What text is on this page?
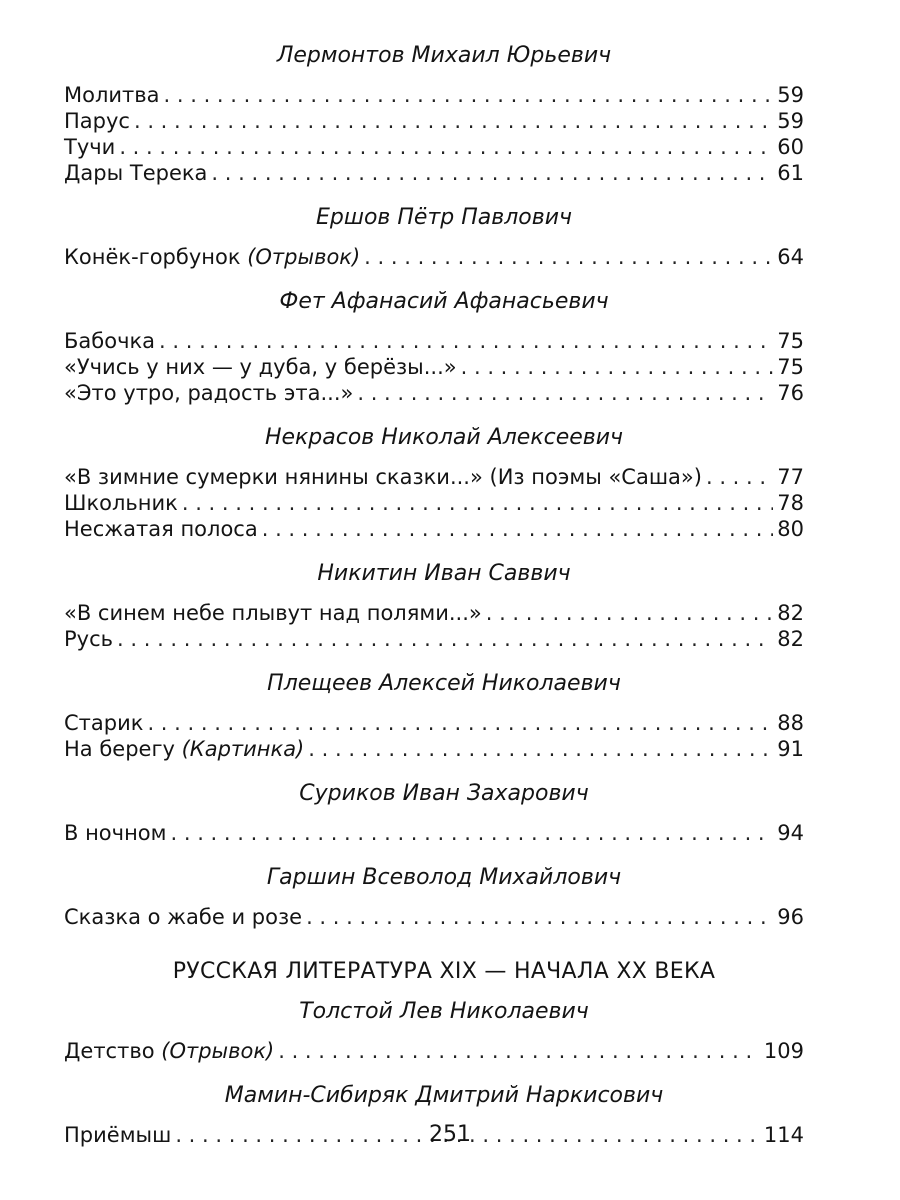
Лермонтов Михаил Юрьевич
Молитва . . .	59
Парус . . .	59
Тучи . . .	60
Дары Терека . . .	61
Ершов Пётр Павлович
Конёк-горбунок (Отрывок) . . .	64
Фет Афанасий Афанасьевич
Бабочка . . .	75
«Учись у них — у дуба, у берёзы...» . . .	75
«Это утро, радость эта...» . . .	76
Некрасов Николай Алексеевич
«В зимние сумерки нянины сказки...» (Из поэмы «Саша») . . .	77
Школьник . . .	78
Несжатая полоса . . .	80
Никитин Иван Саввич
«В синем небе плывут над полями...» . . .	82
Русь . . .	82
Плещеев Алексей Николаевич
Старик . . .	88
На берегу (Картинка) . . .	91
Суриков Иван Захарович
В ночном . . .	94
Гаршин Всеволод Михайлович
Сказка о жабе и розе . . .	96
РУССКАЯ ЛИТЕРАТУРА XIX — НАЧАЛА XX ВЕКА
Толстой Лев Николаевич
Детство (Отрывок) . . .	109
Мамин-Сибиряк Дмитрий Наркисович
Приёмыш . . .	114
251
